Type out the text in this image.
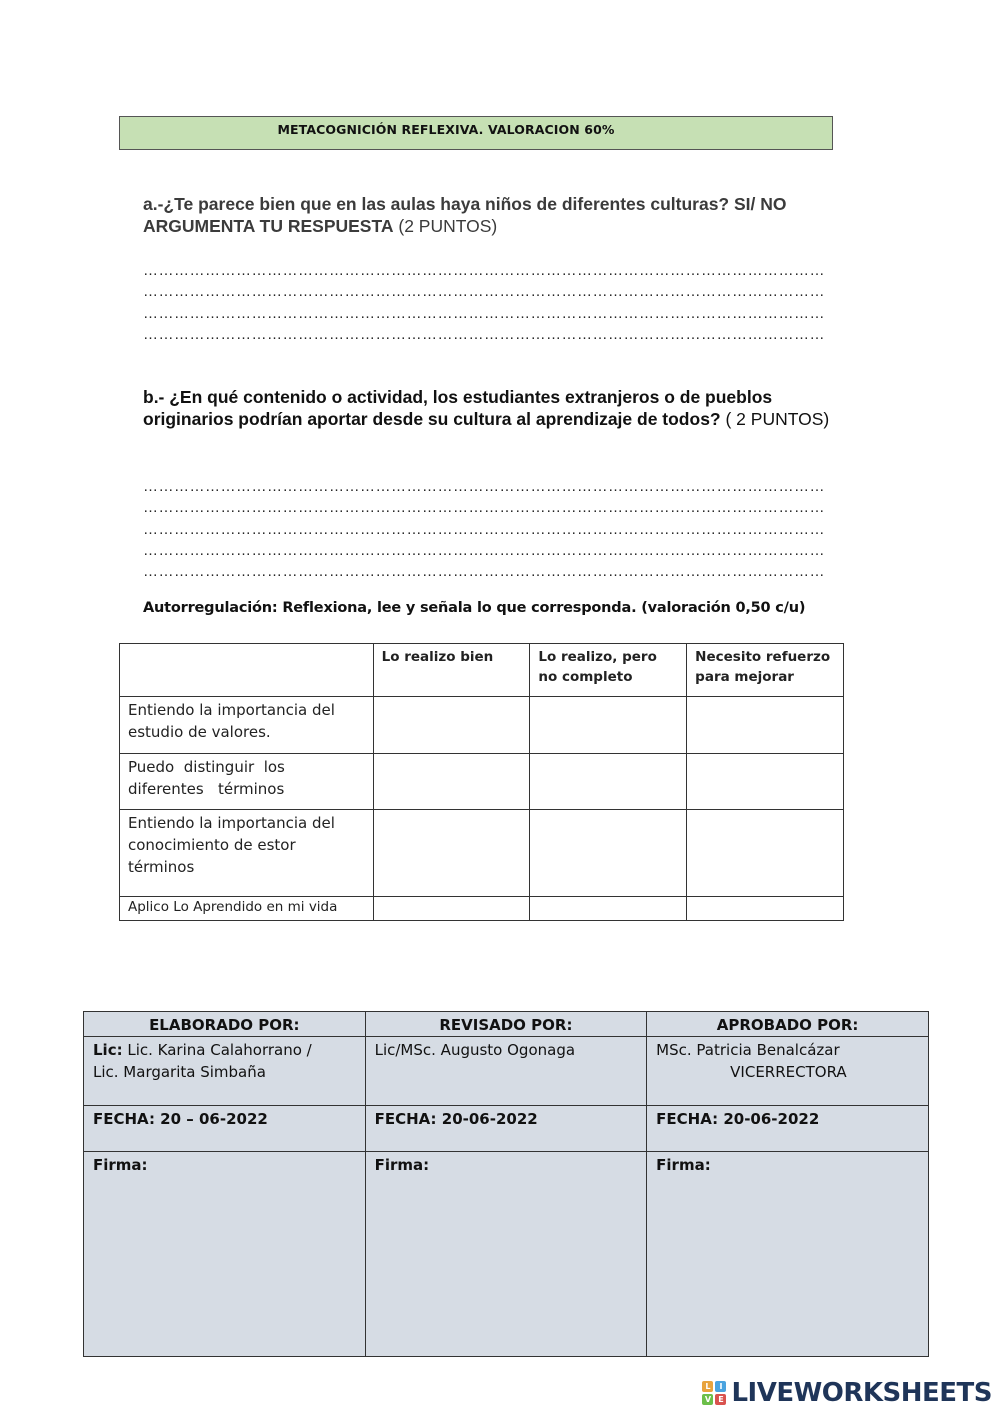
METACOGNICIÓN REFLEXIVA. VALORACION 60%
a.-¿Te parece bien que en las aulas haya niños de diferentes culturas? SI/ NO ARGUMENTA TU RESPUESTA (2 PUNTOS)
……………………………………………………………………………………………………………………
……………………………………………………………………………………………………………………
……………………………………………………………………………………………………………………
……………………………………………………………………………………………………………………
b.- ¿En qué contenido o actividad, los estudiantes extranjeros o de pueblos originarios podrían aportar desde su cultura al aprendizaje de todos? ( 2 PUNTOS)
……………………………………………………………………………………………………………………
……………………………………………………………………………………………………………………
……………………………………………………………………………………………………………………
……………………………………………………………………………………………………………………
……………………………………………………………………………………………………………………
Autorregulación: Reflexiona, lee y señala lo que corresponda. (valoración 0,50 c/u)
	Lo realizo bien	Lo realizo, pero no completo	Necesito refuerzo para mejorar
Entiendo la importancia del estudio de valores.			
Puedo  distinguir  los diferentes   términos			
Entiendo la importancia del conocimiento de estor términos			
Aplico Lo Aprendido en mi vida			
ELABORADO POR:	REVISADO POR:	APROBADO POR:
Lic: Lic. Karina Calahorrano /
Lic. Margarita Simbaña	Lic/MSc. Augusto Ogonaga	MSc. Patricia Benalcázar
VICERRECTORA

FECHA: 20 – 06-2022	FECHA: 20-06-2022	FECHA: 20-06-2022
Firma:	Firma:	Firma:
L	I
V E LIVEWORKSHEETS
